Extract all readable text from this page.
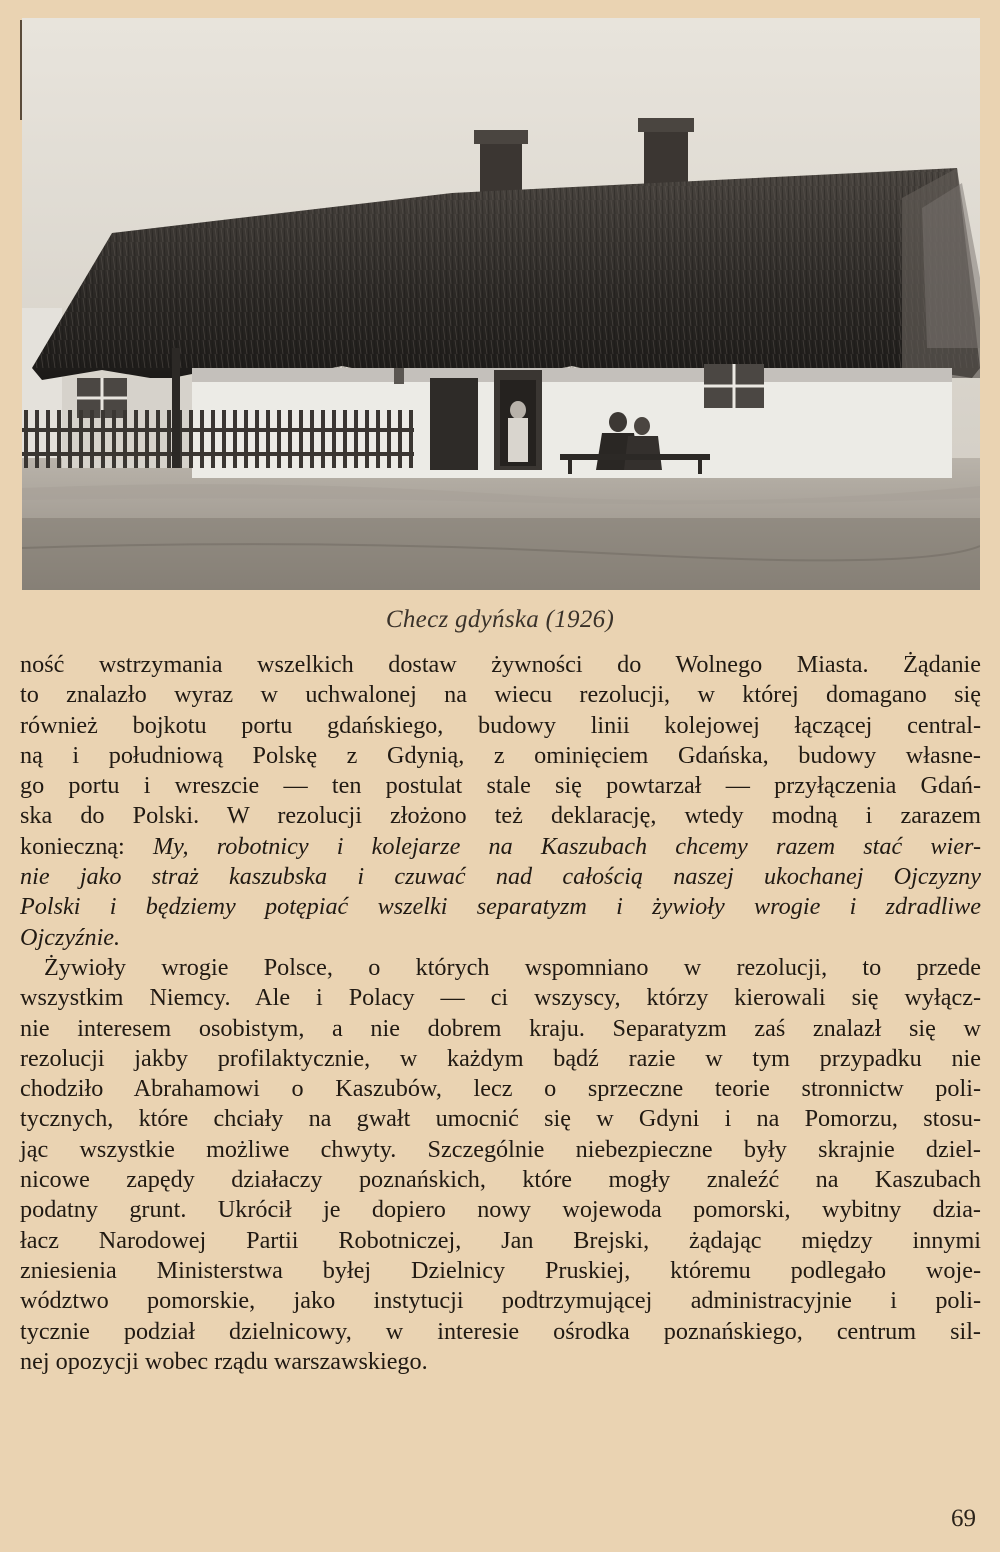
Checz gdyńska (1926)
ność wstrzymania wszelkich dostaw żywności do Wolnego Miasta. Żądanie
to znalazło wyraz w uchwalonej na wiecu rezolucji, w której domagano się
również bojkotu portu gdańskiego, budowy linii kolejowej łączącej central-
ną i południową Polskę z Gdynią, z ominięciem Gdańska, budowy własne-
go portu i wreszcie — ten postulat stale się powtarzał — przyłączenia Gdań-
ska do Polski. W rezolucji złożono też deklarację, wtedy modną i zarazem
konieczną: My, robotnicy i kolejarze na Kaszubach chcemy razem stać wier-
nie jako straż kaszubska i czuwać nad całością naszej ukochanej Ojczyzny
Polski i będziemy potępiać wszelki separatyzm i żywioły wrogie i zdradliwe
Ojczyźnie.
Żywioły wrogie Polsce, o których wspomniano w rezolucji, to przede
wszystkim Niemcy. Ale i Polacy — ci wszyscy, którzy kierowali się wyłącz-
nie interesem osobistym, a nie dobrem kraju. Separatyzm zaś znalazł się w
rezolucji jakby profilaktycznie, w każdym bądź razie w tym przypadku nie
chodziło Abrahamowi o Kaszubów, lecz o sprzeczne teorie stronnictw poli-
tycznych, które chciały na gwałt umocnić się w Gdyni i na Pomorzu, stosu-
jąc wszystkie możliwe chwyty. Szczególnie niebezpieczne były skrajnie dziel-
nicowe zapędy działaczy poznańskich, które mogły znaleźć na Kaszubach
podatny grunt. Ukrócił je dopiero nowy wojewoda pomorski, wybitny dzia-
łacz Narodowej Partii Robotniczej, Jan Brejski, żądając między innymi
zniesienia Ministerstwa byłej Dzielnicy Pruskiej, któremu podlegało woje-
wództwo pomorskie, jako instytucji podtrzymującej administracyjnie i poli-
tycznie podział dzielnicowy, w interesie ośrodka poznańskiego, centrum sil-
nej opozycji wobec rządu warszawskiego.
69
